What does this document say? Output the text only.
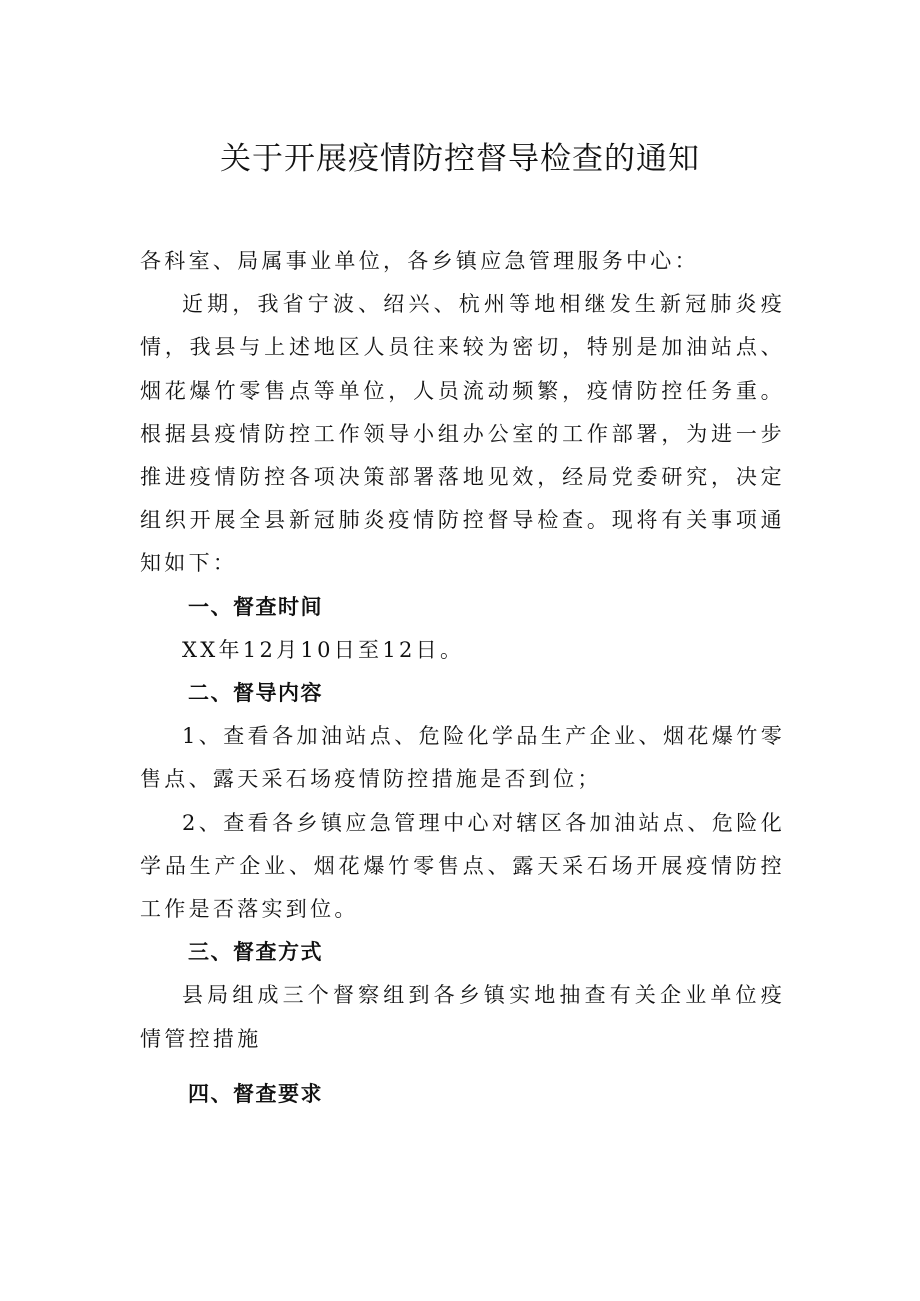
关于开展疫情防控督导检查的通知

各科室、局属事业单位，各乡镇应急管理服务中心：

近期，我省宁波、绍兴、杭州等地相继发生新冠肺炎疫情，我县与上述地区人员往来较为密切，特别是加油站点、烟花爆竹零售点等单位，人员流动频繁，疫情防控任务重。根据县疫情防控工作领导小组办公室的工作部署，为进一步推进疫情防控各项决策部署落地见效，经局党委研究，决定组织开展全县新冠肺炎疫情防控督导检查。现将有关事项通知如下：

一、督查时间

XX年12月10日至12日。

二、督导内容

1、查看各加油站点、危险化学品生产企业、烟花爆竹零售点、露天采石场疫情防控措施是否到位；

2、查看各乡镇应急管理中心对辖区各加油站点、危险化学品生产企业、烟花爆竹零售点、露天采石场开展疫情防控工作是否落实到位。

三、督查方式

县局组成三个督察组到各乡镇实地抽查有关企业单位疫情管控措施

四、督查要求
